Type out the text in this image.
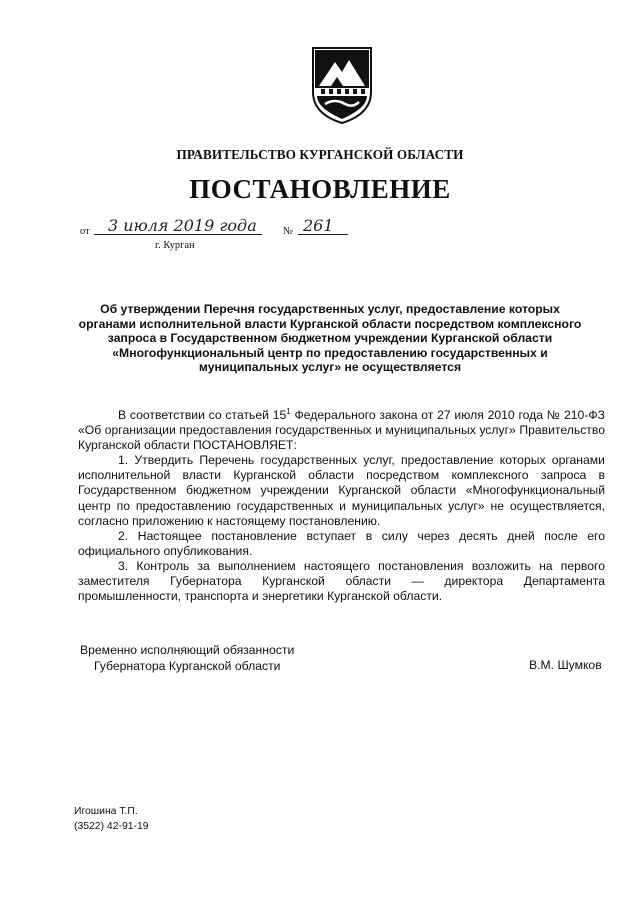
ПРАВИТЕЛЬСТВО КУРГАНСКОЙ ОБЛАСТИ
ПОСТАНОВЛЕНИЕ
от 3 июля 2019 года	№ 261
г. Курган
Об утверждении Перечня государственных услуг, предоставление которых органами исполнительной власти Курганской области посредством комплексного запроса в Государственном бюджетном учреждении Курганской области «Многофункциональный центр по предоставлению государственных и муниципальных услуг» не осуществляется

В соответствии со статьей $15^1$ Федерального закона от 27 июля 2010 года № 210-ФЗ «Об организации предоставления государственных и муниципальных услуг» Правительство Курганской области ПОСТАНОВЛЯЕТ:

1. Утвердить Перечень государственных услуг, предоставление которых органами исполнительной власти Курганской области посредством комплексного запроса в Государственном бюджетном учреждении Курганской области «Многофункциональный центр по предоставлению государственных и муниципальных услуг» не осуществляется, согласно приложению к настоящему постановлению.

2. Настоящее постановление вступает в силу через десять дней после его официального опубликования.

3. Контроль за выполнением настоящего постановления возложить на первого заместителя Губернатора Курганской области — директора Департамента промышленности, транспорта и энергетики Курганской области.

Временно исполняющий обязанности
Губернатора Курганской области	В.М. Шумков
Игошина Т.П.
(3522) 42-91-19
